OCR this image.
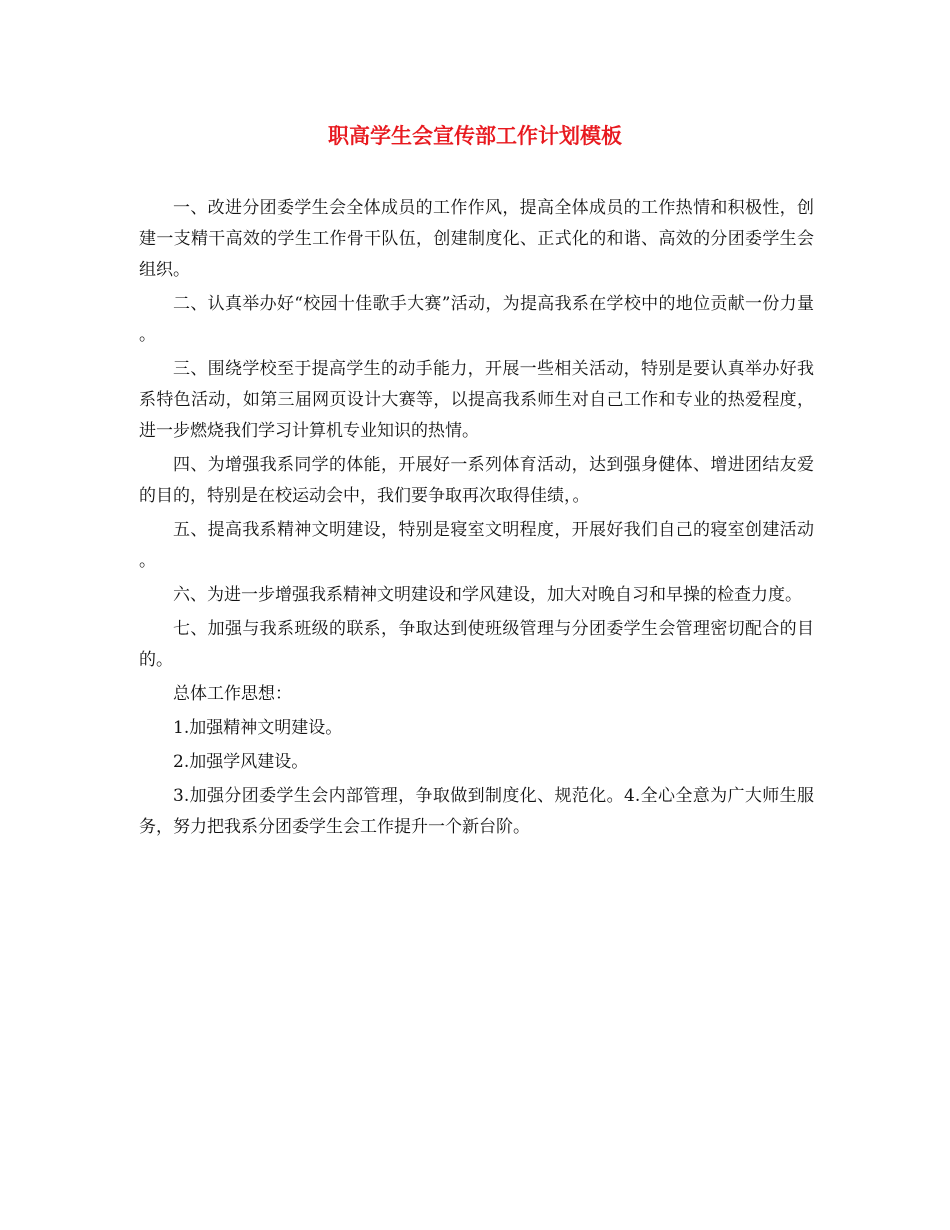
职高学生会宣传部工作计划模板

一、改进分团委学生会全体成员的工作作风，提高全体成员的工作热情和积极性，创建一支精干高效的学生工作骨干队伍，创建制度化、正式化的和谐、高效的分团委学生会组织。

二、认真举办好“校园十佳歌手大赛”活动，为提高我系在学校中的地位贡献一份力量。

三、围绕学校至于提高学生的动手能力，开展一些相关活动，特别是要认真举办好我系特色活动，如第三届网页设计大赛等，以提高我系师生对自己工作和专业的热爱程度，进一步燃烧我们学习计算机专业知识的热情。

四、为增强我系同学的体能，开展好一系列体育活动，达到强身健体、增进团结友爱的目的，特别是在校运动会中，我们要争取再次取得佳绩，。

五、提高我系精神文明建设，特别是寝室文明程度，开展好我们自己的寝室创建活动。

六、为进一步增强我系精神文明建设和学风建设，加大对晚自习和早操的检查力度。

七、加强与我系班级的联系，争取达到使班级管理与分团委学生会管理密切配合的目的。

总体工作思想：

1.加强精神文明建设。

2.加强学风建设。

3.加强分团委学生会内部管理，争取做到制度化、规范化。4.全心全意为广大师生服务，努力把我系分团委学生会工作提升一个新台阶。
